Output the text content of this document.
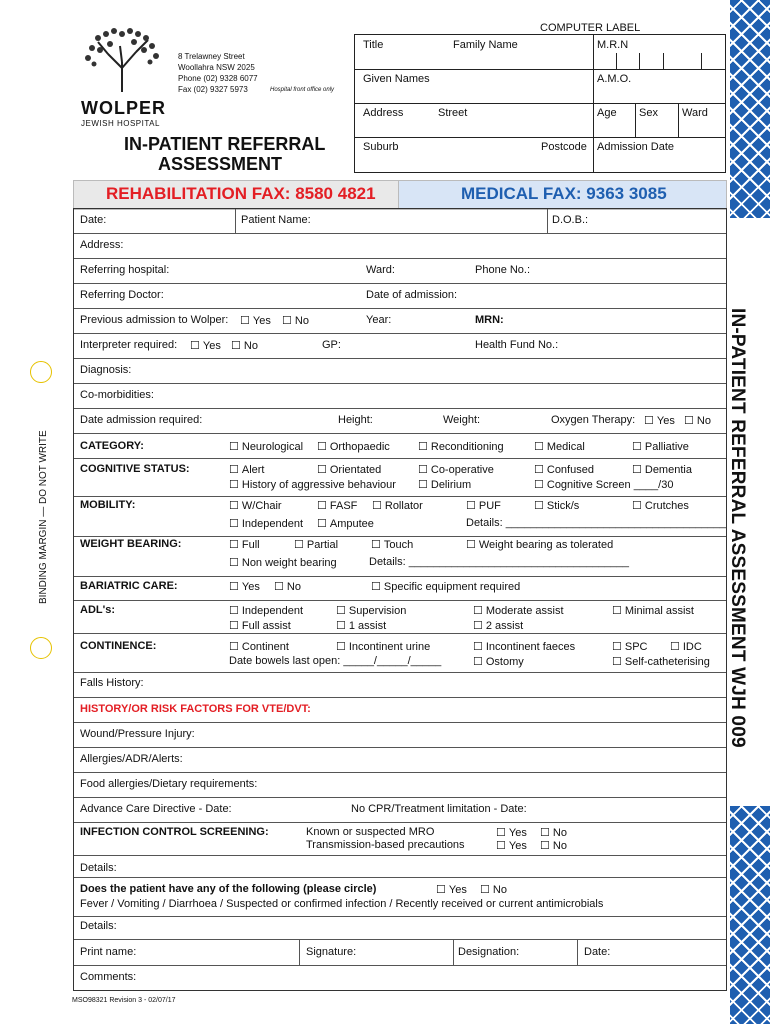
IN-PATIENT REFERRAL ASSESSMENT WJH 009
BINDING MARGIN — DO NOT WRITE
WOLPER
JEWISH HOSPITAL
8 Trelawney Street
Woollahra NSW 2025
Phone (02) 9328 6077
Fax (02) 9327 5973	Hospital front office only
IN-PATIENT REFERRAL
ASSESSMENT
COMPUTER LABEL
Title	Family Name	M.R.N
Given Names	A.M.O.
Address	Street	Age Sex Ward
Suburb	Postcode Admission Date
REHABILITATION FAX: 8580 4821	MEDICAL FAX: 9363 3085
Date:	Patient Name:	D.O.B.:
Address:
Referring hospital:	Ward:	Phone No.:
Referring Doctor:	Date of admission:
Previous admission to Wolper:	☐ Yes	☐ No	Year:	MRN:
Interpreter required:	☐ Yes	☐ No	GP:	Health Fund No.:
Diagnosis:
Co-morbidities:
Date admission required:	Height:	Weight:	Oxygen Therapy:	☐ Yes	☐ No
CATEGORY:	☐ Neurological	☐ Orthopaedic	☐ Reconditioning	☐ Medical	☐ Palliative
COGNITIVE STATUS:	☐ Alert	☐ Orientated	☐ Co-operative	☐ Confused	☐ Dementia
☐ History of aggressive behaviour	☐ Delirium	☐ Cognitive Screen ____/30
MOBILITY:	☐ W/Chair	☐ FASF	☐ Rollator	☐ PUF	☐ Stick/s	☐ Crutches
☐ Independent	☐ Amputee	Details: ____________________________________
WEIGHT BEARING:	☐ Full	☐ Partial	☐ Touch	☐ Weight bearing as tolerated
☐ Non weight bearing	Details: ____________________________________
BARIATRIC CARE:	☐ Yes	☐ No	☐ Specific equipment required
ADL's:	☐ Independent	☐ Supervision	☐ Moderate assist	☐ Minimal assist
☐ Full assist	☐ 1 assist	☐ 2 assist
CONTINENCE:	☐ Continent	☐ Incontinent urine	☐ Incontinent faeces	☐ SPC	☐ IDC
Date bowels last open: _____/_____/_____	☐ Ostomy	☐ Self-catheterising
Falls History:
HISTORY/OR RISK FACTORS FOR VTE/DVT:
Wound/Pressure Injury:
Allergies/ADR/Alerts:
Food allergies/Dietary requirements:
Advance Care Directive - Date:	No CPR/Treatment limitation - Date:
INFECTION CONTROL SCREENING:	Known or suspected MRO	☐ Yes	☐ No
Transmission-based precautions	☐ Yes	☐ No
Details:
Does the patient have any of the following (please circle)	☐ Yes	☐ No
Fever / Vomiting / Diarrhoea / Suspected or confirmed infection / Recently received or current antimicrobials
Details:
Print name:	Signature:	Designation:	Date:
Comments:
MSO98321 Revision 3 - 02/07/17
